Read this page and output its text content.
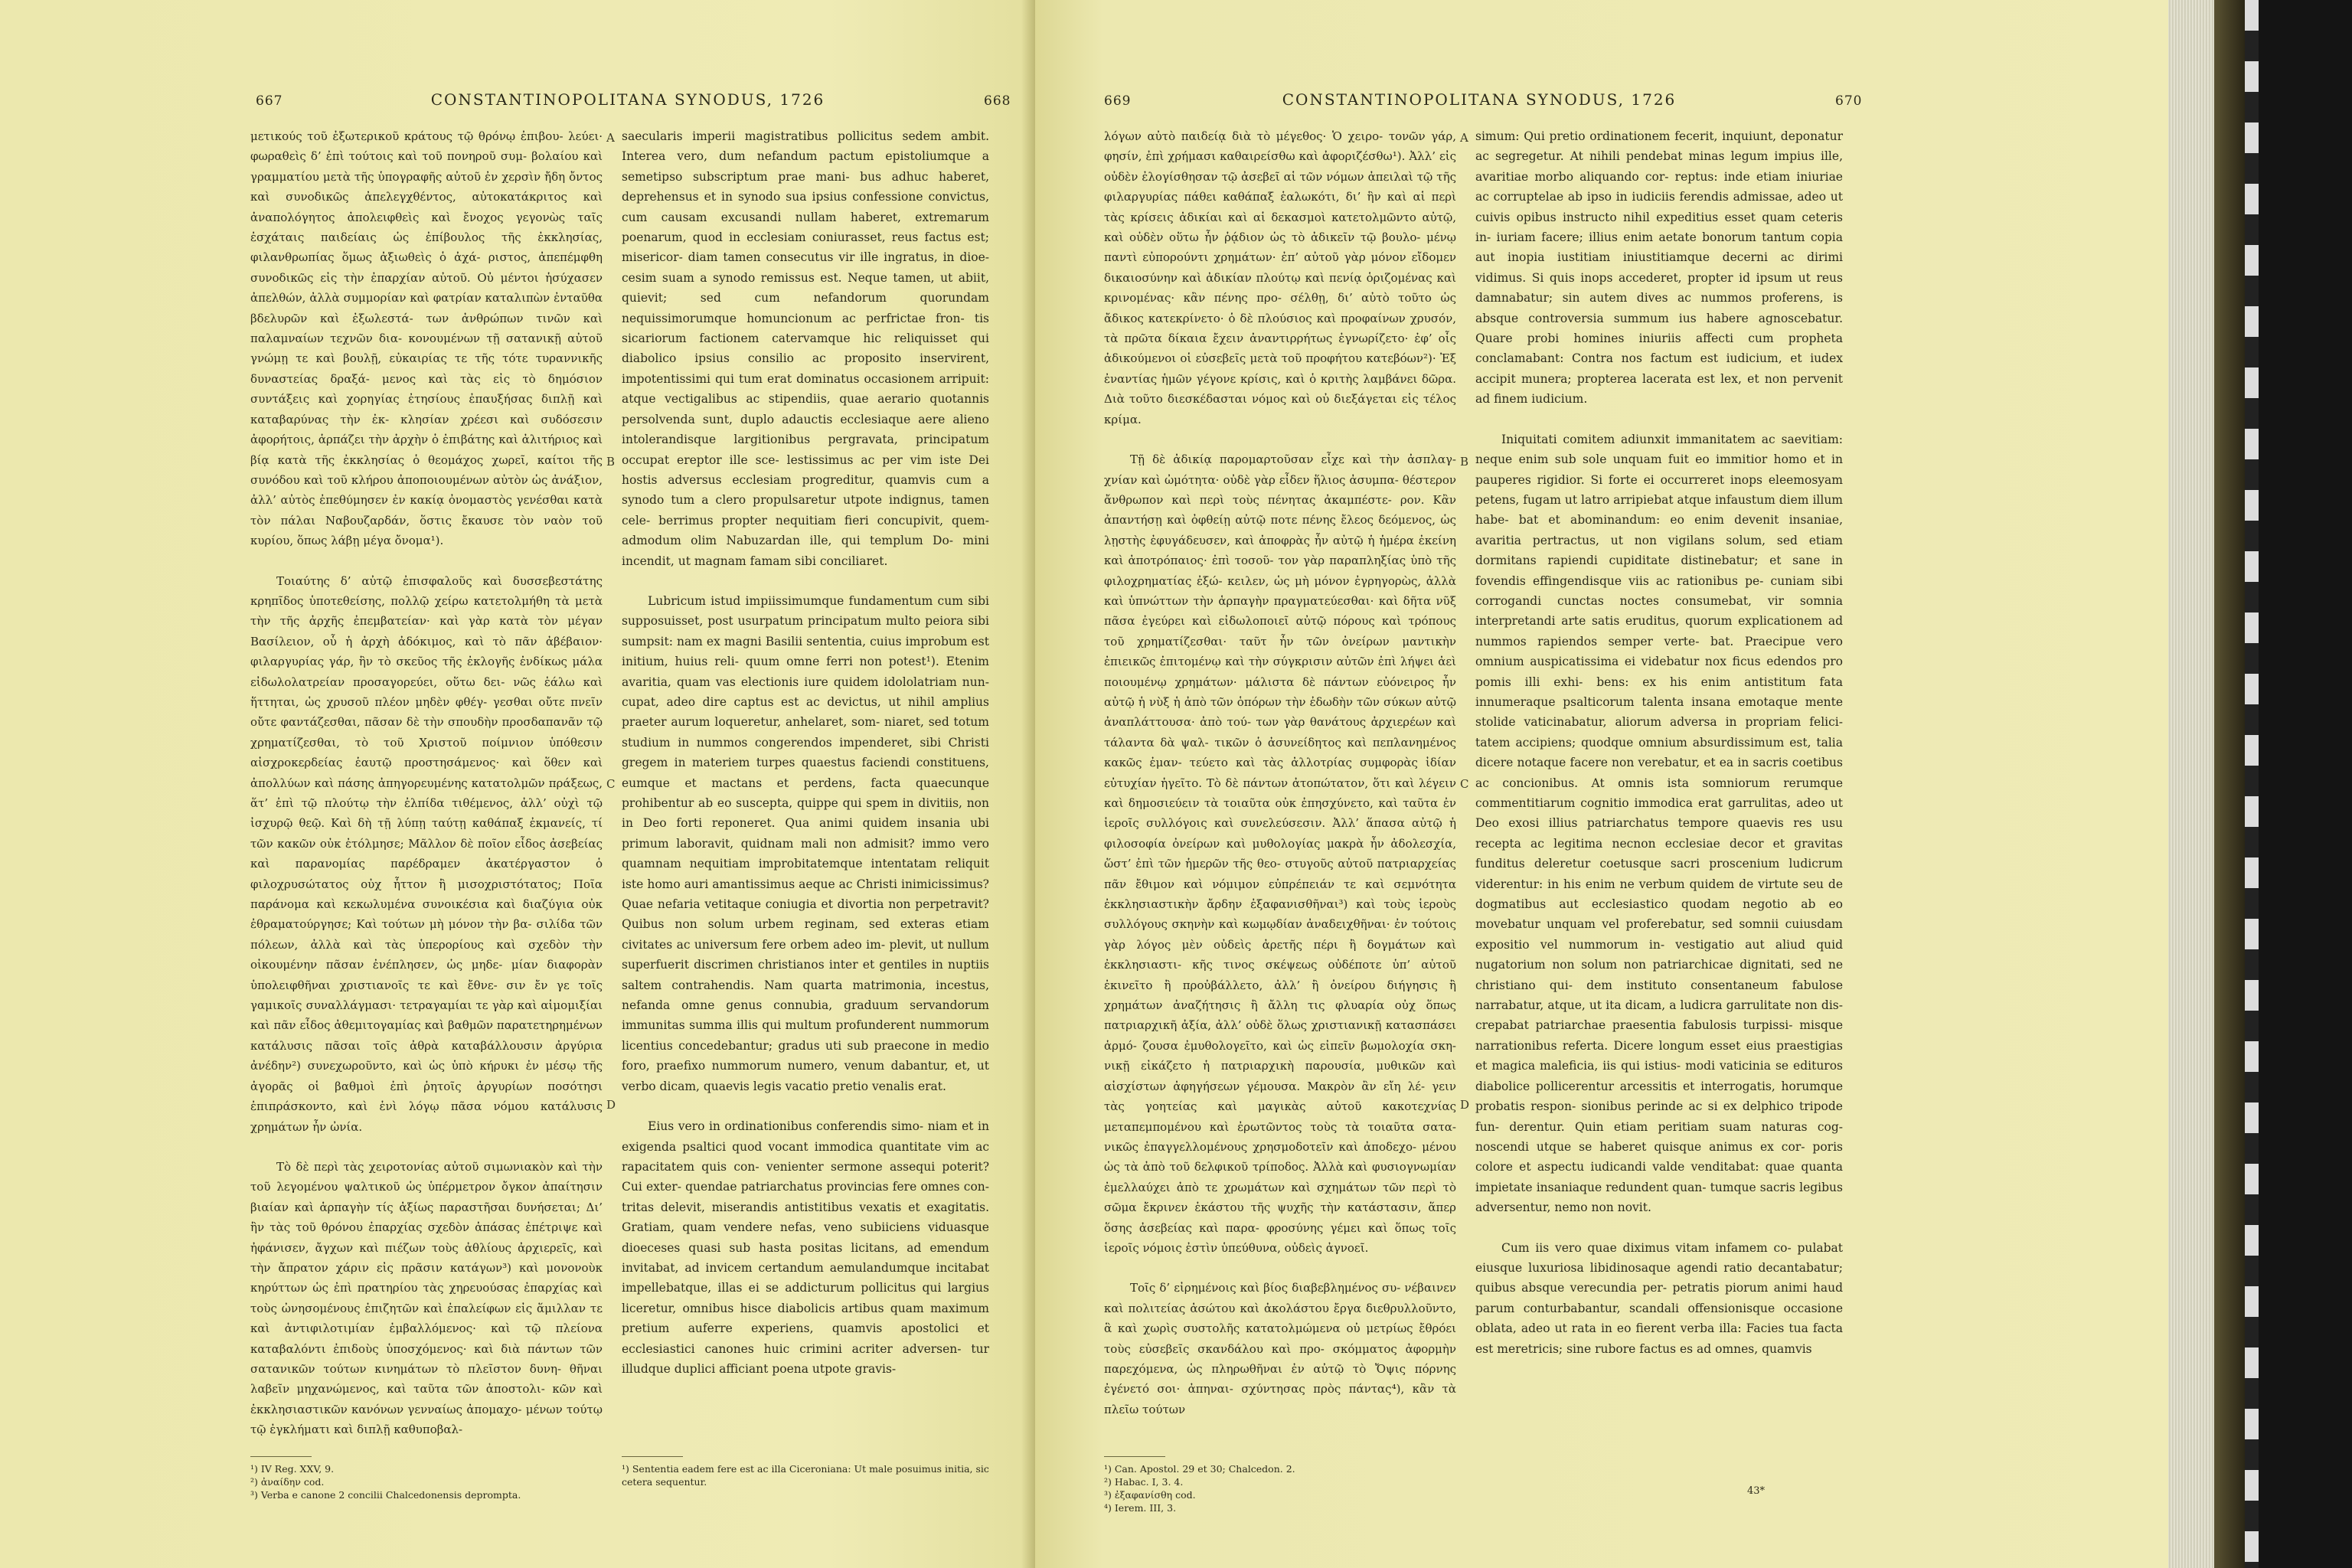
667	CONSTANTINOPOLITANA SYNODUS, 1726	668

μετικούς τοῦ ἐξωτερικοῦ κράτους τῷ θρόνῳ ἐπιβου- λεύει· φωραθεὶς δ’ ἐπὶ τούτοις καὶ τοῦ πονηροῦ συμ- βολαίου καὶ γραμματίου μετὰ τῆς ὑπογραφῆς αὐτοῦ ἐν χερσὶν ἤδη ὄντος καὶ συνοδικῶς ἀπελεγχθέντος, αὐτοκατάκριτος καὶ ἀναπολόγητος ἀπολειφθεὶς καὶ ἔνοχος γεγονὼς ταῖς ἐσχάταις παιδείαις ὡς ἐπίβουλος τῆς ἐκκλησίας, φιλανθρωπίας ὅμως ἀξιωθεὶς ὁ ἀχά- ριστος, ἀπεπέμφθη συνοδικῶς εἰς τὴν ἐπαρχίαν αὐτοῦ. Οὐ μέντοι ἡσύχασεν ἀπελθών, ἀλλὰ συμμορίαν καὶ φατρίαν καταλιπὼν ἐνταῦθα βδελυρῶν καὶ ἐξωλεστά- των ἀνθρώπων τινῶν καὶ παλαμναίων τεχνῶν δια- κονουμένων τῇ σατανικῇ αὐτοῦ γνώμῃ τε καὶ βουλῇ, εὐκαιρίας τε τῆς τότε τυραννικῆς δυναστείας δραξά- μενος καὶ τὰς εἰς τὸ δημόσιον συντάξεις καὶ χορηγίας ἐτησίους ἐπαυξήσας διπλῇ καὶ καταβαρύνας τὴν ἐκ- κλησίαν χρέεσι καὶ συδόσεσιν ἀφορήτοις, ἁρπάζει τὴν ἀρχὴν ὁ ἐπιβάτης καὶ ἀλιτήριος καὶ βίᾳ κατὰ τῆς ἐκκλησίας ὁ θεομάχος χωρεῖ, καίτοι τῆς συνόδου καὶ τοῦ κλήρου ἀποποιουμένων αὐτὸν ὡς ἀνάξιον, ἀλλ’ αὐτὸς ἐπεθύμησεν ἐν κακίᾳ ὀνομαστὸς γενέσθαι κατὰ τὸν πάλαι Ναβουζαρδάν, ὅστις ἔκαυσε τὸν ναὸν τοῦ κυρίου, ὅπως λάβῃ μέγα ὄνομα¹).

Τοιαύτης δ’ αὐτῷ ἐπισφαλοῦς καὶ δυσσεβεστάτης κρηπῖδος ὑποτεθείσης, πολλῷ χείρω κατετολμήθη τὰ μετὰ τὴν τῆς ἀρχῆς ἐπεμβατείαν· καὶ γὰρ κατὰ τὸν μέγαν Βασίλειον, οὗ ἡ ἀρχὴ ἀδόκιμος, καὶ τὸ πᾶν ἀβέβαιον· φιλαργυρίας γάρ, ἣν τὸ σκεῦος τῆς ἐκλογῆς ἐνδίκως μάλα εἰδωλολατρείαν προσαγορεύει, οὕτω δει- νῶς ἑάλω καὶ ἥττηται, ὡς χρυσοῦ πλέον μηδὲν φθέγ- γεσθαι οὔτε πνεῖν οὔτε φαντάζεσθαι, πᾶσαν δὲ τὴν σπουδὴν προσδαπανᾶν τῷ χρηματίζεσθαι, τὸ τοῦ Χριστοῦ ποίμνιον ὑπόθεσιν αἰσχροκερδείας ἑαυτῷ προστησάμενος· καὶ ὅθεν καὶ ἀπολλύων καὶ πάσης ἀπηγορευμένης κατατολμῶν πράξεως, ἅτ’ ἐπὶ τῷ πλούτῳ τὴν ἐλπίδα τιθέμενος, ἀλλ’ οὐχὶ τῷ ἰσχυρῷ θεῷ. Καὶ δὴ τῇ λύπῃ ταύτῃ καθάπαξ ἐκμανείς, τί τῶν κακῶν οὐκ ἐτόλμησε; Μᾶλλον δὲ ποῖον εἶδος ἀσεβείας καὶ παρανομίας παρέδραμεν ἀκατέργαστον ὁ φιλοχρυσώτατος οὐχ ἧττον ἢ μισοχριστότατος; Ποῖα παράνομα καὶ κεκωλυμένα συνοικέσια καὶ διαζύγια οὐκ ἐθραματούργησε; Καὶ τούτων μὴ μόνον τὴν βα- σιλίδα τῶν πόλεων, ἀλλὰ καὶ τὰς ὑπερορίους καὶ σχεδὸν τὴν οἰκουμένην πᾶσαν ἐνέπλησεν, ὡς μηδε- μίαν διαφορὰν ὑπολειφθῆναι χριστιανοῖς τε καὶ ἔθνε- σιν ἔν γε τοῖς γαμικοῖς συναλλάγμασι· τετραγαμίαι τε γὰρ καὶ αἱμομιξίαι καὶ πᾶν εἶδος ἀθεμιτογαμίας καὶ βαθμῶν παρατετηρημένων κατάλυσις πᾶσαι τοῖς ἀθρὰ καταβάλλουσιν ἀργύρια ἀνέδην²) συνεχωροῦντο, καὶ ὡς ὑπὸ κήρυκι ἐν μέσῳ τῆς ἀγορᾶς οἱ βαθμοὶ ἐπὶ ῥητοῖς ἀργυρίων ποσότησι ἐπιπράσκοντο, καὶ ἑνὶ λόγῳ πᾶσα νόμου κατάλυσις χρημάτων ἦν ὠνία.

Τὸ δὲ περὶ τὰς χειροτονίας αὐτοῦ σιμωνιακὸν καὶ τὴν τοῦ λεγομένου ψαλτικοῦ ὡς ὑπέρμετρον ὄγκον ἀπαίτησιν βιαίαν καὶ ἁρπαγὴν τίς ἀξίως παραστῆσαι δυνήσεται; Δι’ ἣν τὰς τοῦ θρόνου ἐπαρχίας σχεδὸν ἁπάσας ἐπέτριψε καὶ ἠφάνισεν, ἄγχων καὶ πιέζων τοὺς ἀθλίους ἀρχιερεῖς, καὶ τὴν ἄπρατον χάριν εἰς πρᾶσιν κατάγων³) καὶ μονονοὺκ κηρύττων ὡς ἐπὶ πρατηρίου τὰς χηρευούσας ἐπαρχίας καὶ τοὺς ὠνησομένους ἐπιζητῶν καὶ ἐπαλείφων εἰς ἅμιλλαν τε καὶ ἀντιφιλοτιμίαν ἐμβαλλόμενος· καὶ τῷ πλείονα καταβαλόντι ἐπιδοὺς ὑποσχόμενος· καὶ διὰ πάντων τῶν σατανικῶν τούτων κινημάτων τὸ πλεῖστον δυνη- θῆναι λαβεῖν μηχανώμενος, καὶ ταῦτα τῶν ἀποστολι- κῶν καὶ ἐκκλησιαστικῶν κανόνων γενναίως ἀπομαχο- μένων τούτῳ τῷ ἐγκλήματι καὶ διπλῇ καθυποβαλ-

A
B
C
D

saecularis imperii magistratibus pollicitus sedem ambit. Interea vero, dum nefandum pactum epistoliumque a semetipso subscriptum prae mani- bus adhuc haberet, deprehensus et in synodo sua ipsius confessione convictus, cum causam excusandi nullam haberet, extremarum poenarum, quod in ecclesiam coniurasset, reus factus est; misericor- diam tamen consecutus vir ille ingratus, in dioe- cesim suam a synodo remissus est. Neque tamen, ut abiit, quievit; sed cum nefandorum quorundam nequissimorumque homuncionum ac perfrictae fron- tis sicariorum factionem catervamque hic reliquisset qui diabolico ipsius consilio ac proposito inservirent, impotentissimi qui tum erat dominatus occasionem arripuit: atque vectigalibus ac stipendiis, quae aerario quotannis persolvenda sunt, duplo adauctis ecclesiaque aere alieno intolerandisque largitionibus pergravata, principatum occupat ereptor ille sce- lestissimus ac per vim iste Dei hostis adversus ecclesiam progreditur, quamvis cum a synodo tum a clero propulsaretur utpote indignus, tamen cele- berrimus propter nequitiam fieri concupivit, quem- admodum olim Nabuzardan ille, qui templum Do- mini incendit, ut magnam famam sibi conciliaret.

Lubricum istud impiissimumque fundamentum cum sibi supposuisset, post usurpatum principatum multo peiora sibi sumpsit: nam ex magni Basilii sententia, cuius improbum est initium, huius reli- quum omne ferri non potest¹). Etenim avaritia, quam vas electionis iure quidem idololatriam nun- cupat, adeo dire captus est ac devictus, ut nihil amplius praeter aurum loqueretur, anhelaret, som- niaret, sed totum studium in nummos congerendos impenderet, sibi Christi gregem in materiem turpes quaestus faciendi constituens, eumque et mactans et perdens, facta quaecunque prohibentur ab eo suscepta, quippe qui spem in divitiis, non in Deo forti reponeret. Qua animi quidem insania ubi primum laboravit, quidnam mali non admisit? immo vero quamnam nequitiam improbitatemque intentatam reliquit iste homo auri amantissimus aeque ac Christi inimicissimus? Quae nefaria vetitaque coniugia et divortia non perpetravit? Quibus non solum urbem reginam, sed exteras etiam civitates ac universum fere orbem adeo im- plevit, ut nullum superfuerit discrimen christianos inter et gentiles in nuptiis saltem contrahendis. Nam quarta matrimonia, incestus, nefanda omne genus connubia, graduum servandorum immunitas summa illis qui multum profunderent nummorum licentius concedebantur; gradus uti sub praecone in medio foro, praefixo nummorum numero, venum dabantur, et, ut verbo dicam, quaevis legis vacatio pretio venalis erat.

Eius vero in ordinationibus conferendis simo- niam et in exigenda psaltici quod vocant immodica quantitate vim ac rapacitatem quis con- venienter sermone assequi poterit? Cui exter- quendae patriarchatus provincias fere omnes con- tritas delevit, miserandis antistitibus vexatis et exagitatis. Gratiam, quam vendere nefas, veno subiiciens viduasque dioeceses quasi sub hasta positas licitans, ad emendum invitabat, ad invicem certandum aemulandumque incitabat impellebatque, illas ei se addicturum pollicitus qui largius liceretur, omnibus hisce diabolicis artibus quam maximum pretium auferre experiens, quamvis apostolici et ecclesiastici canones huic crimini acriter adversen- tur illudque duplici afficiant poena utpote gravis-

¹) IV Reg. XXV, 9.
²) ἀναίδην cod.
³) Verba e canone 2 concilii Chalcedonensis deprompta.
¹) Sententia eadem fere est ac illa Ciceroniana: Ut male posuimus initia, sic cetera sequentur.
669	CONSTANTINOPOLITANA SYNODUS, 1726	670

λόγων αὐτὸ παιδείᾳ διὰ τὸ μέγεθος· Ὁ χειρο- τονῶν γάρ, φησίν, ἐπὶ χρήμασι καθαιρείσθω καὶ ἀφοριζέσθω¹). Ἀλλ’ εἰς οὐδὲν ἐλογίσθησαν τῷ ἀσεβεῖ αἱ τῶν νόμων ἀπειλαὶ τῷ τῆς φιλαργυρίας πάθει καθάπαξ ἑαλωκότι, δι’ ἣν καὶ αἱ περὶ τὰς κρίσεις ἀδικίαι καὶ αἱ δεκασμοὶ κατετολμῶντο αὐτῷ, καὶ οὐδὲν οὕτω ἦν ῥᾴδιον ὡς τὸ ἀδικεῖν τῷ βουλο- μένῳ παντὶ εὐπορούντι χρημάτων· ἐπ’ αὐτοῦ γὰρ μόνον εἴδομεν δικαιοσύνην καὶ ἀδικίαν πλούτῳ καὶ πενίᾳ ὁριζομένας καὶ κρινομένας· κἂν πένης προ- σέλθῃ, δι’ αὐτὸ τοῦτο ὡς ἄδικος κατεκρίνετο· ὁ δὲ πλούσιος καὶ προφαίνων χρυσόν, τὰ πρῶτα δίκαια ἔχειν ἀναντιρρήτως ἐγνωρίζετο· ἐφ’ οἷς ἀδικούμενοι οἱ εὐσεβεῖς μετὰ τοῦ προφήτου κατεβόων²)· Ἐξ ἐναντίας ἡμῶν γέγονε κρίσις, καὶ ὁ κριτὴς λαμβάνει δῶρα. Διὰ τοῦτο διεσκέδασται νόμος καὶ οὐ διεξάγεται εἰς τέλος κρίμα.

Τῇ δὲ ἀδικίᾳ παρομαρτοῦσαν εἶχε καὶ τὴν ἀσπλαγ- χνίαν καὶ ὠμότητα· οὐδὲ γὰρ εἶδεν ἥλιος ἀσυμπα- θέστερον ἄνθρωπον καὶ περὶ τοὺς πένητας ἀκαμπέστε- ρον. Κἂν ἀπαντήσῃ καὶ ὀφθείῃ αὐτῷ ποτε πένης ἔλεος δεόμενος, ὡς λῃστὴς ἐφυγάδευσεν, καὶ ἀποφρὰς ἦν αὐτῷ ἡ ἡμέρα ἐκείνη καὶ ἀποτρόπαιος· ἐπὶ τοσοῦ- τον γὰρ παραπληξίας ὑπὸ τῆς φιλοχρηματίας ἐξώ- κειλεν, ὡς μὴ μόνον ἐγρηγορὼς, ἀλλὰ καὶ ὑπνώττων τὴν ἁρπαγὴν πραγματεύεσθαι· καὶ δῆτα νῦξ πᾶσα ἐγεύρει καὶ εἰδωλοποιεῖ αὐτῷ πόρους καὶ τρόπους τοῦ χρηματίζεσθαι· ταῦτ ἦν τῶν ὀνείρων μαντικὴν ἐπιεικῶς ἐπιτομένῳ καὶ τὴν σύγκρισιν αὐτῶν ἐπὶ λήψει ἀεὶ ποιουμένῳ χρημάτων· μάλιστα δὲ πάντων εὐόνειρος ἦν αὐτῷ ἡ νὺξ ἡ ἀπὸ τῶν ὁπόρων τὴν ἐδωδὴν τῶν σύκων αὐτῷ ἀναπλάττουσα· ἀπὸ τού- των γὰρ θανάτους ἀρχιερέων καὶ τάλαντα δὰ ψαλ- τικῶν ὁ ἀσυνείδητος καὶ πεπλανημένος κακῶς ἐμαν- τεύετο καὶ τὰς ἀλλοτρίας συμφορὰς ἰδίαν εὐτυχίαν ἡγεῖτο. Τὸ δὲ πάντων ἀτοπώτατον, ὅτι καὶ λέγειν καὶ δημοσιεύειν τὰ τοιαῦτα οὐκ ἐπησχύνετο, καὶ ταῦτα ἐν ἱεροῖς συλλόγοις καὶ συνελεύσεσιν. Ἀλλ’ ἅπασα αὐτῷ ἡ φιλοσοφία ὀνείρων καὶ μυθολογίας μακρὰ ἦν ἀδολεσχία, ὥστ’ ἐπὶ τῶν ἡμερῶν τῆς θεο- στυγοῦς αὐτοῦ πατριαρχείας πᾶν ἔθιμον καὶ νόμιμον εὐπρέπειάν τε καὶ σεμνότητα ἐκκλησιαστικὴν ἄρδην ἐξαφανισθῆναι³) καὶ τοὺς ἱεροὺς συλλόγους σκηνὴν καὶ κωμῳδίαν ἀναδειχθῆναι· ἐν τούτοις γὰρ λόγος μὲν οὐδεὶς ἀρετῆς πέρι ἢ δογμάτων καὶ ἐκκλησιαστι- κῆς τινος σκέψεως οὐδέποτε ὑπ’ αὐτοῦ ἐκινεῖτο ἢ προὐβάλλετο, ἀλλ’ ἢ ὀνείρου διήγησις ἢ χρημάτων ἀναζήτησις ἢ ἄλλη τις φλυαρία οὐχ ὅπως πατριαρχικῆ ἀξία, ἀλλ’ οὐδὲ ὅλως χριστιανικῇ κατασπάσει ἁρμό- ζουσα ἐμυθολογεῖτο, καὶ ὡς εἰπεῖν βωμολοχία σκη- νικῇ εἰκάζετο ἡ πατριαρχικὴ παρουσία, μυθικῶν καὶ αἰσχίστων ἀφηγήσεων γέμουσα. Μακρὸν ἂν εἴη λέ- γειν τὰς γοητείας καὶ μαγικὰς αὐτοῦ κακοτεχνίας μεταπεμπομένου καὶ ἐρωτῶντος τοὺς τὰ τοιαῦτα σατα- νικῶς ἐπαγγελλομένους χρησμοδοτεῖν καὶ ἀποδεχο- μένου ὡς τὰ ἀπὸ τοῦ δελφικοῦ τρίποδος. Ἀλλὰ καὶ φυσιογνωμίαν ἐμελλαύχει ἀπὸ τε χρωμάτων καὶ σχημάτων τῶν περὶ τὸ σῶμα ἔκρινεν ἑκάστου τῆς ψυχῆς τὴν κατάστασιν, ἅπερ ὅσης ἀσεβείας καὶ παρα- φροσύνης γέμει καὶ ὅπως τοῖς ἱεροῖς νόμοις ἐστὶν ὑπεύθυνα, οὐδεὶς ἀγνοεῖ.

Τοῖς δ’ εἰρημένοις καὶ βίος διαβεβλημένος συ- νέβαινεν καὶ πολιτείας ἀσώτου καὶ ἀκολάστου ἔργα διεθρυλλοῦντο, ἃ καὶ χωρὶς συστολῆς κατατολμώμενα οὐ μετρίως ἔθρόει τοὺς εὐσεβεῖς σκανδάλου καὶ προ- σκόμματος ἀφορμὴν παρεχόμενα, ὡς πληρωθῆναι ἐν αὐτῷ τὸ Ὄψις πόρνης ἐγένετό σοι· ἀπηναι- σχύντησας πρὸς πάντας⁴), κἂν τὰ πλεῖω τούτων

A
B
C
D

simum: Qui pretio ordinationem fecerit, inquiunt, deponatur ac segregetur. At nihili pendebat minas legum impius ille, avaritiae morbo aliquando cor- reptus: inde etiam iniuriae ac corruptelae ab ipso in iudiciis ferendis admissae, adeo ut cuivis opibus instructo nihil expeditius esset quam ceteris in- iuriam facere; illius enim aetate bonorum tantum copia aut inopia iustitiam iniustitiamque decerni ac dirimi vidimus. Si quis inops accederet, propter id ipsum ut reus damnabatur; sin autem dives ac nummos proferens, is absque controversia summum ius habere agnoscebatur. Quare probi homines iniuriis affecti cum propheta conclamabant: Contra nos factum est iudicium, et iudex accipit munera; propterea lacerata est lex, et non pervenit ad finem iudicium.

Iniquitati comitem adiunxit immanitatem ac saevitiam: neque enim sub sole unquam fuit eo immitior homo et in pauperes rigidior. Si forte ei occurreret inops eleemosyam petens, fugam ut latro arripiebat atque infaustum diem illum habe- bat et abominandum: eo enim devenit insaniae, avaritia pertractus, ut non vigilans solum, sed etiam dormitans rapiendi cupiditate distinebatur; et sane in fovendis effingendisque viis ac rationibus pe- cuniam sibi corrogandi cunctas noctes consumebat, vir somnia interpretandi arte satis eruditus, quorum explicationem ad nummos rapiendos semper verte- bat. Praecipue vero omnium auspicatissima ei videbatur nox ficus edendos pro pomis illi exhi- bens: ex his enim antistitum fata innumeraque psalticorum talenta insana emotaque mente stolide vaticinabatur, aliorum adversa in propriam felici- tatem accipiens; quodque omnium absurdissimum est, talia dicere notaque facere non verebatur, et ea in sacris coetibus ac concionibus. At omnis ista somniorum rerumque commentitiarum cognitio immodica erat garrulitas, adeo ut Deo exosi illius patriarchatus tempore quaevis res usu recepta ac legitima necnon ecclesiae decor et gravitas funditus deleretur coetusque sacri proscenium ludicrum viderentur: in his enim ne verbum quidem de virtute seu de dogmatibus aut ecclesiastico quodam negotio ab eo movebatur unquam vel proferebatur, sed somnii cuiusdam expositio vel nummorum in- vestigatio aut aliud quid nugatorium non solum non patriarchicae dignitati, sed ne christiano qui- dem instituto consentaneum fabulose narrabatur, atque, ut ita dicam, a ludicra garrulitate non dis- crepabat patriarchae praesentia fabulosis turpissi- misque narrationibus referta. Dicere longum esset eius praestigias et magica maleficia, iis qui istius- modi vaticinia se edituros diabolice pollicerentur arcessitis et interrogatis, horumque probatis respon- sionibus perinde ac si ex delphico tripode fun- derentur. Quin etiam peritiam suam naturas cog- noscendi utque se haberet quisque animus ex cor- poris colore et aspectu iudicandi valde venditabat: quae quanta impietate insaniaque redundent quan- tumque sacris legibus adversentur, nemo non novit.

Cum iis vero quae diximus vitam infamem co- pulabat eiusque luxuriosa libidinosaque agendi ratio decantabatur; quibus absque verecundia per- petratis piorum animi haud parum conturbabantur, scandali offensionisque occasione oblata, adeo ut rata in eo fierent verba illa: Facies tua facta est meretricis; sine rubore factus es ad omnes, quamvis

¹) Can. Apostol. 29 et 30; Chalcedon. 2.
²) Habac. I, 3. 4.
³) ἐξαφανίσθη cod.
⁴) Ierem. III, 3.
43*
